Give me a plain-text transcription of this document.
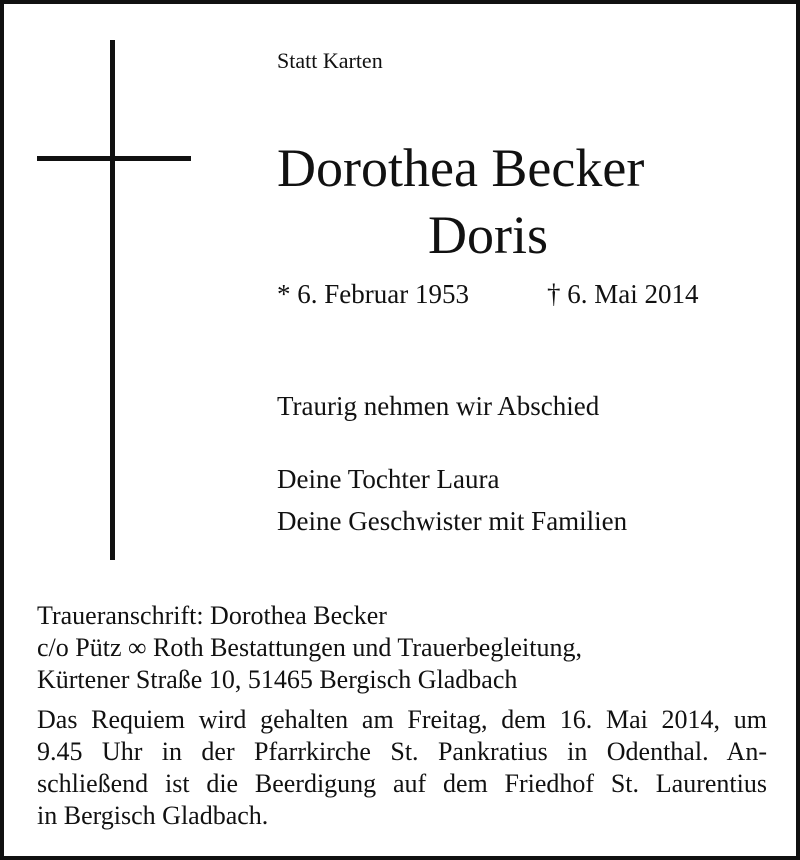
Statt Karten
Dorothea Becker
Doris
* 6. Februar 1953	† 6. Mai 2014
Traurig nehmen wir Abschied
Deine Tochter Laura
Deine Geschwister mit Familien
Traueranschrift: Dorothea Becker
c/o Pütz ∞ Roth Bestattungen und Trauerbegleitung,
Kürtener Straße 10, 51465 Bergisch Gladbach
Das Requiem wird gehalten am Freitag, dem 16. Mai 2014, um
9.45 Uhr in der Pfarrkirche St. Pankratius in Odenthal. An-
schließend ist die Beerdigung auf dem Friedhof St. Laurentius
in Bergisch Gladbach.
